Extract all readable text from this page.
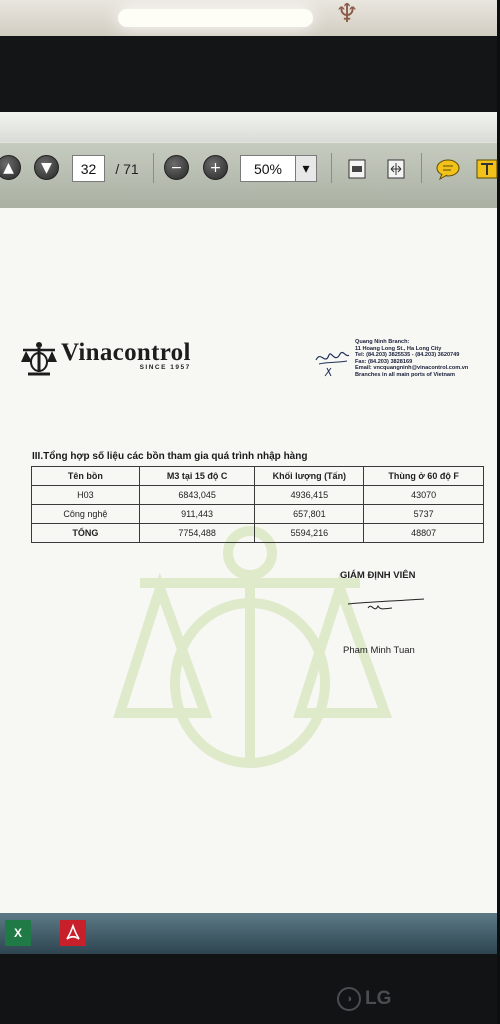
♆
▲	▼	32	/ 71	−	+	50%	▾
Vinacontrol
SINCE 1957
Quang Ninh Branch:
11 Hoang Long St., Ha Long City
Tel: (84.203) 3825535 - (84.203) 3620749
Fax: (84.203) 3828169
Email: vncquangninh@vinacontrol.com.vn
Branches in all main ports of Vietnam
III.Tổng hợp số liệu các bồn tham gia quá trình nhập hàng
Tên bồn	M3 tại 15 độ C	Khối lượng (Tấn)	Thùng ở 60 độ F
H03	6843,045	4936,415	43070
Công nghệ	911,443	657,801	5737
TỔNG	7754,488	5594,216	48807
GIÁM ĐỊNH VIÊN
Pham Minh Tuan
X
◑ LG
